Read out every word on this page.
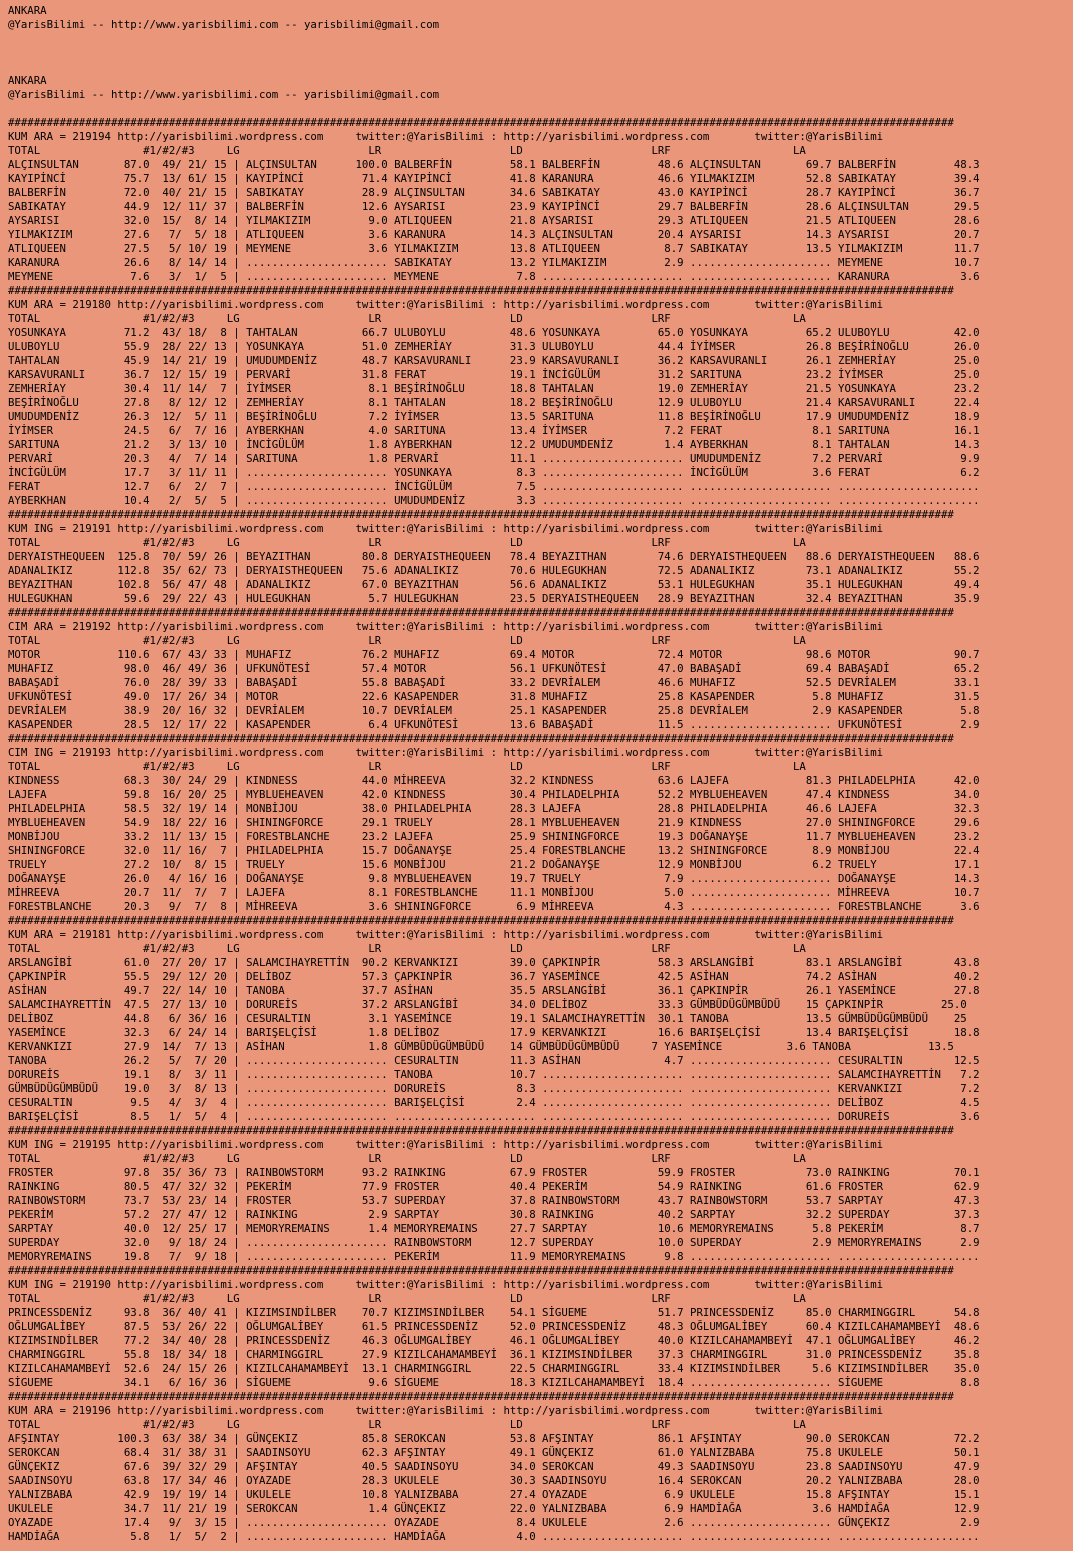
ANKARA
@YarisBilimi -- http://www.yarisbilimi.com -- yarisbilimi@gmail.com
ANKARA
@YarisBilimi -- http://www.yarisbilimi.com -- yarisbilimi@gmail.com
###################################################################################################################################################
KUM ARA = 219194 http://yarisbilimi.wordpress.com     twitter:@YarisBilimi : http://yarisbilimi.wordpress.com       twitter:@YarisBilimi
TOTAL                #1/#2/#3     LG                    LR                    LD                    LRF                   LA
ALÇINSULTAN       87.0  49/ 21/ 15 | ALÇINSULTAN      100.0 BALBERFİN         58.1 BALBERFİN         48.6 ALÇINSULTAN       69.7 BALBERFİN         48.3
KAYIPİNCİ         75.7  13/ 61/ 15 | KAYIPİNCİ         71.4 KAYIPİNCİ         41.8 KARANURA          46.6 YILMAKIZIM        52.8 SABIKATAY         39.4
BALBERFİN         72.0  40/ 21/ 15 | SABIKATAY         28.9 ALÇINSULTAN       34.6 SABIKATAY         43.0 KAYIPİNCİ         28.7 KAYIPİNCİ         36.7
SABIKATAY         44.9  12/ 11/ 37 | BALBERFİN         12.6 AYSARISI          23.9 KAYIPİNCİ         29.7 BALBERFİN         28.6 ALÇINSULTAN       29.5
AYSARISI          32.0  15/  8/ 14 | YILMAKIZIM         9.0 ATLIQUEEN         21.8 AYSARISI          29.3 ATLIQUEEN         21.5 ATLIQUEEN         28.6
YILMAKIZIM        27.6   7/  5/ 18 | ATLIQUEEN          3.6 KARANURA          14.3 ALÇINSULTAN       20.4 AYSARISI          14.3 AYSARISI          20.7
ATLIQUEEN         27.5   5/ 10/ 19 | MEYMENE            3.6 YILMAKIZIM        13.8 ATLIQUEEN          8.7 SABIKATAY         13.5 YILMAKIZIM        11.7
KARANURA          26.6   8/ 14/ 14 | ...................... SABIKATAY         13.2 YILMAKIZIM         2.9 ...................... MEYMENE           10.7
MEYMENE            7.6   3/  1/  5 | ...................... MEYMENE            7.8 ...................... ...................... KARANURA           3.6
###################################################################################################################################################
KUM ARA = 219180 http://yarisbilimi.wordpress.com     twitter:@YarisBilimi : http://yarisbilimi.wordpress.com       twitter:@YarisBilimi
TOTAL                #1/#2/#3     LG                    LR                    LD                    LRF                   LA
YOSUNKAYA         71.2  43/ 18/  8 | TAHTALAN          66.7 ULUBOYLU          48.6 YOSUNKAYA         65.0 YOSUNKAYA         65.2 ULUBOYLU          42.0
ULUBOYLU          55.9  28/ 22/ 13 | YOSUNKAYA         51.0 ZEMHERİAY         31.3 ULUBOYLU          44.4 İYİMSER           26.8 BEŞİRİNOĞLU       26.0
TAHTALAN          45.9  14/ 21/ 19 | UMUDUMDENİZ       48.7 KARSAVURANLI      23.9 KARSAVURANLI      36.2 KARSAVURANLI      26.1 ZEMHERİAY         25.0
KARSAVURANLI      36.7  12/ 15/ 19 | PERVARİ           31.8 FERAT             19.1 İNCİGÜLÜM         31.2 SARITUNA          23.2 İYİMSER           25.0
ZEMHERİAY         30.4  11/ 14/  7 | İYİMSER            8.1 BEŞİRİNOĞLU       18.8 TAHTALAN          19.0 ZEMHERİAY         21.5 YOSUNKAYA         23.2
BEŞİRİNOĞLU       27.8   8/ 12/ 12 | ZEMHERİAY          8.1 TAHTALAN          18.2 BEŞİRİNOĞLU       12.9 ULUBOYLU          21.4 KARSAVURANLI      22.4
UMUDUMDENİZ       26.3  12/  5/ 11 | BEŞİRİNOĞLU        7.2 İYİMSER           13.5 SARITUNA          11.8 BEŞİRİNOĞLU       17.9 UMUDUMDENİZ       18.9
İYİMSER           24.5   6/  7/ 16 | AYBERKHAN          4.0 SARITUNA          13.4 İYİMSER            7.2 FERAT              8.1 SARITUNA          16.1
SARITUNA          21.2   3/ 13/ 10 | İNCİGÜLÜM          1.8 AYBERKHAN         12.2 UMUDUMDENİZ        1.4 AYBERKHAN          8.1 TAHTALAN          14.3
PERVARİ           20.3   4/  7/ 14 | SARITUNA           1.8 PERVARİ           11.1 ...................... UMUDUMDENİZ        7.2 PERVARİ            9.9
İNCİGÜLÜM         17.7   3/ 11/ 11 | ...................... YOSUNKAYA          8.3 ...................... İNCİGÜLÜM          3.6 FERAT              6.2
FERAT             12.7   6/  2/  7 | ...................... İNCİGÜLÜM          7.5 ...................... ...................... ......................
AYBERKHAN         10.4   2/  5/  5 | ...................... UMUDUMDENİZ        3.3 ...................... ...................... ......................
###################################################################################################################################################
KUM ING = 219191 http://yarisbilimi.wordpress.com     twitter:@YarisBilimi : http://yarisbilimi.wordpress.com       twitter:@YarisBilimi
TOTAL                #1/#2/#3     LG                    LR                    LD                    LRF                   LA
DERYAISTHEQUEEN  125.8  70/ 59/ 26 | BEYAZITHAN        80.8 DERYAISTHEQUEEN   78.4 BEYAZITHAN        74.6 DERYAISTHEQUEEN   88.6 DERYAISTHEQUEEN   88.6
ADANALIKIZ       112.8  35/ 62/ 73 | DERYAISTHEQUEEN   75.6 ADANALIKIZ        70.6 HULEGUKHAN        72.5 ADANALIKIZ        73.1 ADANALIKIZ        55.2
BEYAZITHAN       102.8  56/ 47/ 48 | ADANALIKIZ        67.0 BEYAZITHAN        56.6 ADANALIKIZ        53.1 HULEGUKHAN        35.1 HULEGUKHAN        49.4
HULEGUKHAN        59.6  29/ 22/ 43 | HULEGUKHAN         5.7 HULEGUKHAN        23.5 DERYAISTHEQUEEN   28.9 BEYAZITHAN        32.4 BEYAZITHAN        35.9
###################################################################################################################################################
CIM ARA = 219192 http://yarisbilimi.wordpress.com     twitter:@YarisBilimi : http://yarisbilimi.wordpress.com       twitter:@YarisBilimi
TOTAL                #1/#2/#3     LG                    LR                    LD                    LRF                   LA
MOTOR            110.6  67/ 43/ 33 | MUHAFIZ           76.2 MUHAFIZ           69.4 MOTOR             72.4 MOTOR             98.6 MOTOR             90.7
MUHAFIZ           98.0  46/ 49/ 36 | UFKUNÖTESİ        57.4 MOTOR             56.1 UFKUNÖTESİ        47.0 BABAŞADİ          69.4 BABAŞADİ          65.2
BABAŞADİ          76.0  28/ 39/ 33 | BABAŞADİ          55.8 BABAŞADİ          33.2 DEVRİALEM         46.6 MUHAFIZ           52.5 DEVRİALEM         33.1
UFKUNÖTESİ        49.0  17/ 26/ 34 | MOTOR             22.6 KASAPENDER        31.8 MUHAFIZ           25.8 KASAPENDER         5.8 MUHAFIZ           31.5
DEVRİALEM         38.9  20/ 16/ 32 | DEVRİALEM         10.7 DEVRİALEM         25.1 KASAPENDER        25.8 DEVRİALEM          2.9 KASAPENDER         5.8
KASAPENDER        28.5  12/ 17/ 22 | KASAPENDER         6.4 UFKUNÖTESİ        13.6 BABAŞADİ          11.5 ...................... UFKUNÖTESİ         2.9
###################################################################################################################################################
CIM ING = 219193 http://yarisbilimi.wordpress.com     twitter:@YarisBilimi : http://yarisbilimi.wordpress.com       twitter:@YarisBilimi
TOTAL                #1/#2/#3     LG                    LR                    LD                    LRF                   LA
KINDNESS          68.3  30/ 24/ 29 | KINDNESS          44.0 MİHREEVA          32.2 KINDNESS          63.6 LAJEFA            81.3 PHILADELPHIA      42.0
LAJEFA            59.8  16/ 20/ 25 | MYBLUEHEAVEN      42.0 KINDNESS          30.4 PHILADELPHIA      52.2 MYBLUEHEAVEN      47.4 KINDNESS          34.0
PHILADELPHIA      58.5  32/ 19/ 14 | MONBİJOU          38.0 PHILADELPHIA      28.3 LAJEFA            28.8 PHILADELPHIA      46.6 LAJEFA            32.3
MYBLUEHEAVEN      54.9  18/ 22/ 16 | SHININGFORCE      29.1 TRUELY            28.1 MYBLUEHEAVEN      21.9 KINDNESS          27.0 SHININGFORCE      29.6
MONBİJOU          33.2  11/ 13/ 15 | FORESTBLANCHE     23.2 LAJEFA            25.9 SHININGFORCE      19.3 DOĞANAYŞE         11.7 MYBLUEHEAVEN      23.2
SHININGFORCE      32.0  11/ 16/  7 | PHILADELPHIA      15.7 DOĞANAYŞE         25.4 FORESTBLANCHE     13.2 SHININGFORCE       8.9 MONBİJOU          22.4
TRUELY            27.2  10/  8/ 15 | TRUELY            15.6 MONBİJOU          21.2 DOĞANAYŞE         12.9 MONBİJOU           6.2 TRUELY            17.1
DOĞANAYŞE         26.0   4/ 16/ 16 | DOĞANAYŞE          9.8 MYBLUEHEAVEN      19.7 TRUELY             7.9 ...................... DOĞANAYŞE         14.3
MİHREEVA          20.7  11/  7/  7 | LAJEFA             8.1 FORESTBLANCHE     11.1 MONBİJOU           5.0 ...................... MİHREEVA          10.7
FORESTBLANCHE     20.3   9/  7/  8 | MİHREEVA           3.6 SHININGFORCE       6.9 MİHREEVA           4.3 ...................... FORESTBLANCHE      3.6
###################################################################################################################################################
KUM ARA = 219181 http://yarisbilimi.wordpress.com     twitter:@YarisBilimi : http://yarisbilimi.wordpress.com       twitter:@YarisBilimi
TOTAL                #1/#2/#3     LG                    LR                    LD                    LRF                   LA
ARSLANGİBİ        61.0  27/ 20/ 17 | SALAMCIHAYRETTİN  90.2 KERVANKIZI        39.0 ÇAPKINPİR         58.3 ARSLANGİBİ        83.1 ARSLANGİBİ        43.8
ÇAPKINPİR         55.5  29/ 12/ 20 | DELİBOZ           57.3 ÇAPKINPİR         36.7 YASEMİNCE         42.5 ASİHAN            74.2 ASİHAN            40.2
ASİHAN            49.7  22/ 14/ 10 | TANOBA            37.7 ASİHAN            35.5 ARSLANGİBİ        36.1 ÇAPKINPİR         26.1 YASEMİNCE         27.8
SALAMCIHAYRETTİN  47.5  27/ 13/ 10 | DORUREİS          37.2 ARSLANGİBİ        34.0 DELİBOZ           33.3 GÜMBÜDÜGÜMBÜDÜ    15 ÇAPKINPİR         25.0
DELİBOZ           44.8   6/ 36/ 16 | CESURALTIN         3.1 YASEMİNCE         19.1 SALAMCIHAYRETTİN  30.1 TANOBA            13.5 GÜMBÜDÜGÜMBÜDÜ    25
YASEMİNCE         32.3   6/ 24/ 14 | BARIŞELÇİSİ        1.8 DELİBOZ           17.9 KERVANKIZI        16.6 BARIŞELÇİSİ       13.4 BARIŞELÇİSİ       18.8
KERVANKIZI        27.9  14/  7/ 13 | ASİHAN             1.8 GÜMBÜDÜGÜMBÜDÜ    14 GÜMBÜDÜGÜMBÜDÜ     7 YASEMİNCE          3.6 TANOBA            13.5
TANOBA            26.2   5/  7/ 20 | ...................... CESURALTIN        11.3 ASİHAN             4.7 ...................... CESURALTIN        12.5
DORUREİS          19.1   8/  3/ 11 | ...................... TANOBA            10.7 ...................... ...................... SALAMCIHAYRETTİN   7.2
GÜMBÜDÜGÜMBÜDÜ    19.0   3/  8/ 13 | ...................... DORUREİS           8.3 ...................... ...................... KERVANKIZI         7.2
CESURALTIN         9.5   4/  3/  4 | ...................... BARIŞELÇİSİ        2.4 ...................... ...................... DELİBOZ            4.5
BARIŞELÇİSİ        8.5   1/  5/  4 | ...................... ...................... ...................... ...................... DORUREİS           3.6
###################################################################################################################################################
KUM ING = 219195 http://yarisbilimi.wordpress.com     twitter:@YarisBilimi : http://yarisbilimi.wordpress.com       twitter:@YarisBilimi
TOTAL                #1/#2/#3     LG                    LR                    LD                    LRF                   LA
FROSTER           97.8  35/ 36/ 73 | RAINBOWSTORM      93.2 RAINKING          67.9 FROSTER           59.9 FROSTER           73.0 RAINKING          70.1
RAINKING          80.5  47/ 32/ 32 | PEKERİM           77.9 FROSTER           40.4 PEKERİM           54.9 RAINKING          61.6 FROSTER           62.9
RAINBOWSTORM      73.7  53/ 23/ 14 | FROSTER           53.7 SUPERDAY          37.8 RAINBOWSTORM      43.7 RAINBOWSTORM      53.7 SARPTAY           47.3
PEKERİM           57.2  27/ 47/ 12 | RAINKING           2.9 SARPTAY           30.8 RAINKING          40.2 SARPTAY           32.2 SUPERDAY          37.3
SARPTAY           40.0  12/ 25/ 17 | MEMORYREMAINS      1.4 MEMORYREMAINS     27.7 SARPTAY           10.6 MEMORYREMAINS      5.8 PEKERİM            8.7
SUPERDAY          32.0   9/ 18/ 24 | ...................... RAINBOWSTORM      12.7 SUPERDAY          10.0 SUPERDAY           2.9 MEMORYREMAINS      2.9
MEMORYREMAINS     19.8   7/  9/ 18 | ...................... PEKERİM           11.9 MEMORYREMAINS      9.8 ...................... ......................
###################################################################################################################################################
KUM ING = 219190 http://yarisbilimi.wordpress.com     twitter:@YarisBilimi : http://yarisbilimi.wordpress.com       twitter:@YarisBilimi
TOTAL                #1/#2/#3     LG                    LR                    LD                    LRF                   LA
PRINCESSDENİZ     93.8  36/ 40/ 41 | KIZIMSINDİLBER    70.7 KIZIMSINDİLBER    54.1 SİGUEME           51.7 PRINCESSDENİZ     85.0 CHARMINGGIRL      54.8
OĞLUMGALİBEY      87.5  53/ 26/ 22 | OĞLUMGALİBEY      61.5 PRINCESSDENİZ     52.0 PRINCESSDENİZ     48.3 OĞLUMGALİBEY      60.4 KIZILCAHAMAMBEYİ  48.6
KIZIMSINDİLBER    77.2  34/ 40/ 28 | PRINCESSDENİZ     46.3 OĞLUMGALİBEY      46.1 OĞLUMGALİBEY      40.0 KIZILCAHAMAMBEYİ  47.1 OĞLUMGALİBEY      46.2
CHARMINGGIRL      55.8  18/ 34/ 18 | CHARMINGGIRL      27.9 KIZILCAHAMAMBEYİ  36.1 KIZIMSINDİLBER    37.3 CHARMINGGIRL      31.0 PRINCESSDENİZ     35.8
KIZILCAHAMAMBEYİ  52.6  24/ 15/ 26 | KIZILCAHAMAMBEYİ  13.1 CHARMINGGIRL      22.5 CHARMINGGIRL      33.4 KIZIMSINDİLBER     5.6 KIZIMSINDİLBER    35.0
SİGUEME           34.1   6/ 16/ 36 | SİGUEME            9.6 SİGUEME           18.3 KIZILCAHAMAMBEYİ  18.4 ...................... SİGUEME            8.8
###################################################################################################################################################
KUM ARA = 219196 http://yarisbilimi.wordpress.com     twitter:@YarisBilimi : http://yarisbilimi.wordpress.com       twitter:@YarisBilimi
TOTAL                #1/#2/#3     LG                    LR                    LD                    LRF                   LA
AFŞINTAY         100.3  63/ 38/ 34 | GÜNÇEKIZ          85.8 SEROKCAN          53.8 AFŞINTAY          86.1 AFŞINTAY          90.0 SEROKCAN          72.2
SEROKCAN          68.4  31/ 38/ 31 | SAADINSOYU        62.3 AFŞINTAY          49.1 GÜNÇEKIZ          61.0 YALNIZBABA        75.8 UKULELE           50.1
GÜNÇEKIZ          67.6  39/ 32/ 29 | AFŞINTAY          40.5 SAADINSOYU        34.0 SEROKCAN          49.3 SAADINSOYU        23.8 SAADINSOYU        47.9
SAADINSOYU        63.8  17/ 34/ 46 | OYAZADE           28.3 UKULELE           30.3 SAADINSOYU        16.4 SEROKCAN          20.2 YALNIZBABA        28.0
YALNIZBABA        42.9  19/ 19/ 14 | UKULELE           10.8 YALNIZBABA        27.4 OYAZADE            6.9 UKULELE           15.8 AFŞINTAY          15.1
UKULELE           34.7  11/ 21/ 19 | SEROKCAN           1.4 GÜNÇEKIZ          22.0 YALNIZBABA         6.9 HAMDİAĞA           3.6 HAMDİAĞA          12.9
OYAZADE           17.4   9/  3/ 15 | ...................... OYAZADE            8.4 UKULELE            2.6 ...................... GÜNÇEKIZ           2.9
HAMDİAĞA           5.8   1/  5/  2 | ...................... HAMDİAĞA           4.0 ...................... ...................... ......................
